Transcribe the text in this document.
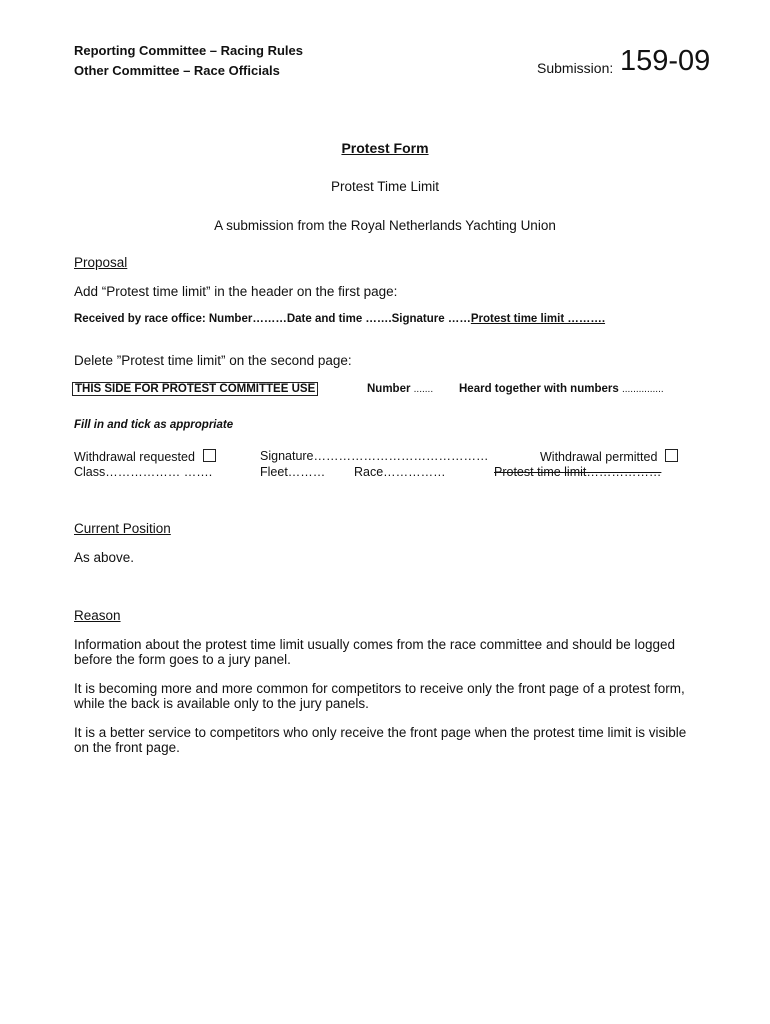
Reporting Committee – Racing Rules
Other Committee – Race Officials	Submission: 159-09
Protest Form
Protest Time Limit
A submission from the Royal Netherlands Yachting Union
Proposal
Add “Protest time limit” in the header on the first page:
Received by race office: Number………Date and time …….Signature ……Protest time limit ……….
Delete ”Protest time limit” on the second page:
THIS SIDE FOR PROTEST COMMITTEE USE	Number ....... Heard together with numbers ...............
Fill in and tick as appropriate
Withdrawal requested	Signature……………………………………	Withdrawal permitted
Class……………… …….	Fleet……… Race……………	Protest time limit………………
Current Position
As above.
Reason
Information about the protest time limit usually comes from the race committee and should be logged before the form goes to a jury panel.
It is becoming more and more common for competitors to receive only the front page of a protest form, while the back is available only to the jury panels.
It is a better service to competitors who only receive the front page when the protest time limit is visible on the front page.
